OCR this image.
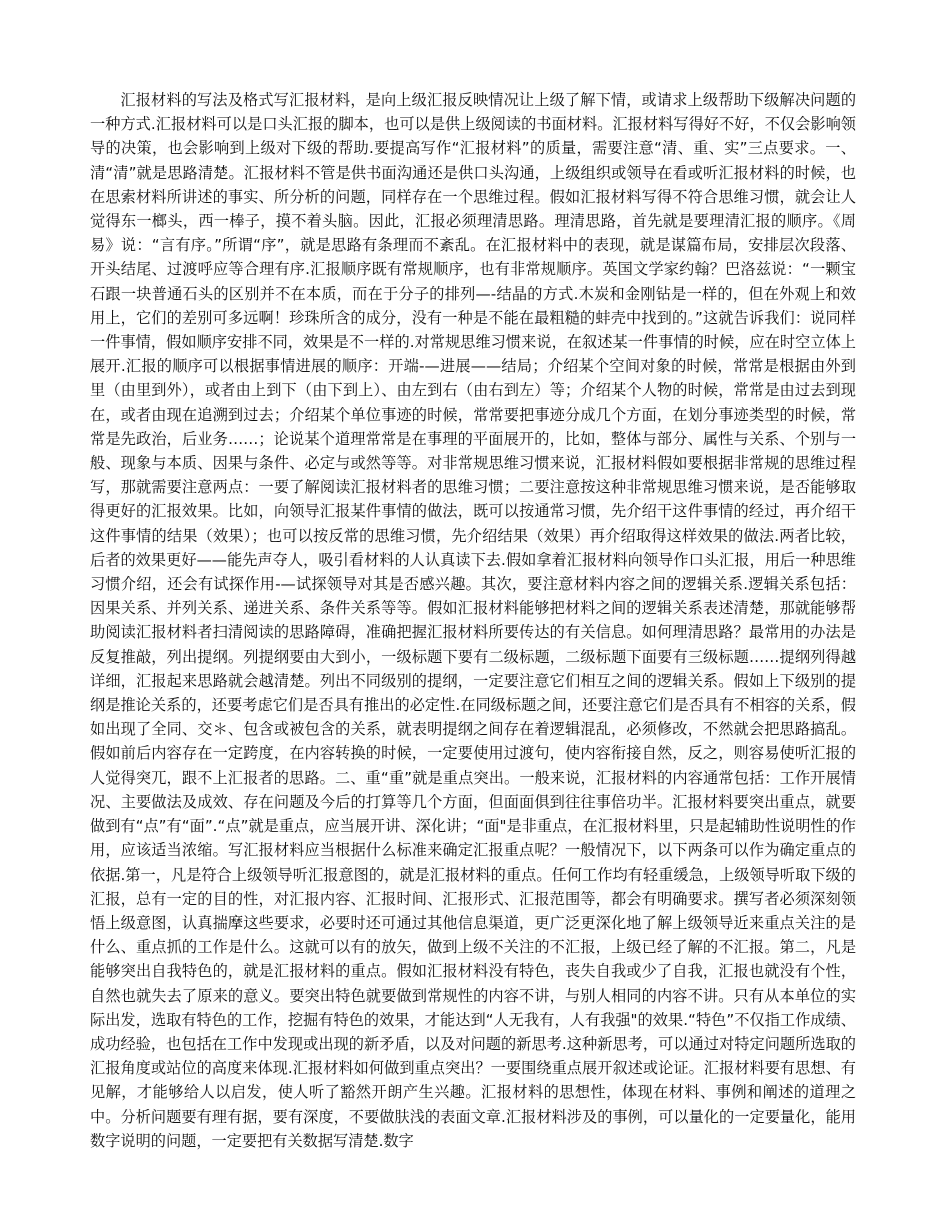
汇报材料的写法及格式写汇报材料，是向上级汇报反映情况让上级了解下情，或请求上级帮助下级解决问题的一种方式.汇报材料可以是口头汇报的脚本，也可以是供上级阅读的书面材料。汇报材料写得好不好，不仅会影响领导的决策，也会影响到上级对下级的帮助.要提高写作“汇报材料”的质量，需要注意“清、重、实”三点要求。一、清“清”就是思路清楚。汇报材料不管是供书面沟通还是供口头沟通，上级组织或领导在看或听汇报材料的时候，也在思索材料所讲述的事实、所分析的问题，同样存在一个思维过程。假如汇报材料写得不符合思维习惯，就会让人觉得东一榔头，西一棒子，摸不着头脑。因此，汇报必须理清思路。理清思路，首先就是要理清汇报的顺序。《周易》说：“言有序。”所谓“序”，就是思路有条理而不紊乱。在汇报材料中的表现，就是谋篇布局，安排层次段落、开头结尾、过渡呼应等合理有序.汇报顺序既有常规顺序，也有非常规顺序。英国文学家约翰？巴洛兹说：“一颗宝石跟一块普通石头的区别并不在本质，而在于分子的排列—-结晶的方式.木炭和金刚钻是一样的，但在外观上和效用上，它们的差别可多远啊！珍珠所含的成分，没有一种是不能在最粗糙的蚌壳中找到的。”这就告诉我们：说同样一件事情，假如顺序安排不同，效果是不一样的.对常规思维习惯来说，在叙述某一件事情的时候，应在时空立体上展开.汇报的顺序可以根据事情进展的顺序：开端-—进展——结局；介绍某个空间对象的时候，常常是根据由外到里（由里到外），或者由上到下（由下到上）、由左到右（由右到左）等；介绍某个人物的时候，常常是由过去到现在，或者由现在追溯到过去；介绍某个单位事迹的时候，常常要把事迹分成几个方面，在划分事迹类型的时候，常常是先政治，后业务……；论说某个道理常常是在事理的平面展开的，比如，整体与部分、属性与关系、个别与一般、现象与本质、因果与条件、必定与或然等等。对非常规思维习惯来说，汇报材料假如要根据非常规的思维过程写，那就需要注意两点：一要了解阅读汇报材料者的思维习惯；二要注意按这种非常规思维习惯来说，是否能够取得更好的汇报效果。比如，向领导汇报某件事情的做法，既可以按通常习惯，先介绍干这件事情的经过，再介绍干这件事情的结果（效果）；也可以按反常的思维习惯，先介绍结果（效果）再介绍取得这样效果的做法.两者比较，后者的效果更好——能先声夺人，吸引看材料的人认真读下去.假如拿着汇报材料向领导作口头汇报，用后一种思维习惯介绍，还会有试探作用-—试探领导对其是否感兴趣。其次，要注意材料内容之间的逻辑关系.逻辑关系包括：因果关系、并列关系、递进关系、条件关系等等。假如汇报材料能够把材料之间的逻辑关系表述清楚，那就能够帮助阅读汇报材料者扫清阅读的思路障碍，准确把握汇报材料所要传达的有关信息。如何理清思路？最常用的办法是反复推敲，列出提纲。列提纲要由大到小，一级标题下要有二级标题，二级标题下面要有三级标题……提纲列得越详细，汇报起来思路就会越清楚。列出不同级别的提纲，一定要注意它们相互之间的逻辑关系。假如上下级别的提纲是推论关系的，还要考虑它们是否具有推出的必定性.在同级标题之间，还要注意它们是否具有不相容的关系，假如出现了全同、交＊、包含或被包含的关系，就表明提纲之间存在着逻辑混乱，必须修改，不然就会把思路搞乱。假如前后内容存在一定跨度，在内容转换的时候，一定要使用过渡句，使内容衔接自然，反之，则容易使听汇报的人觉得突兀，跟不上汇报者的思路。二、重“重”就是重点突出。一般来说，汇报材料的内容通常包括：工作开展情况、主要做法及成效、存在问题及今后的打算等几个方面，但面面俱到往往事倍功半。汇报材料要突出重点，就要做到有“点”有“面”.“点”就是重点，应当展开讲、深化讲；“面"是非重点，在汇报材料里，只是起辅助性说明性的作用，应该适当浓缩。写汇报材料应当根据什么标准来确定汇报重点呢？一般情况下，以下两条可以作为确定重点的依据.第一，凡是符合上级领导听汇报意图的，就是汇报材料的重点。任何工作均有轻重缓急，上级领导听取下级的汇报，总有一定的目的性，对汇报内容、汇报时间、汇报形式、汇报范围等，都会有明确要求。撰写者必须深刻领悟上级意图，认真揣摩这些要求，必要时还可通过其他信息渠道，更广泛更深化地了解上级领导近来重点关注的是什么、重点抓的工作是什么。这就可以有的放矢，做到上级不关注的不汇报，上级已经了解的不汇报。第二，凡是能够突出自我特色的，就是汇报材料的重点。假如汇报材料没有特色，丧失自我或少了自我，汇报也就没有个性，自然也就失去了原来的意义。要突出特色就要做到常规性的内容不讲，与别人相同的内容不讲。只有从本单位的实际出发，选取有特色的工作，挖掘有特色的效果，才能达到“人无我有，人有我强"的效果.“特色”不仅指工作成绩、成功经验，也包括在工作中发现或出现的新矛盾，以及对问题的新思考.这种新思考，可以通过对特定问题所选取的汇报角度或站位的高度来体现.汇报材料如何做到重点突出？一要围绕重点展开叙述或论证。汇报材料要有思想、有见解，才能够给人以启发，使人听了豁然开朗产生兴趣。汇报材料的思想性，体现在材料、事例和阐述的道理之中。分析问题要有理有据，要有深度，不要做肤浅的表面文章.汇报材料涉及的事例，可以量化的一定要量化，能用数字说明的问题，一定要把有关数据写清楚.数字
